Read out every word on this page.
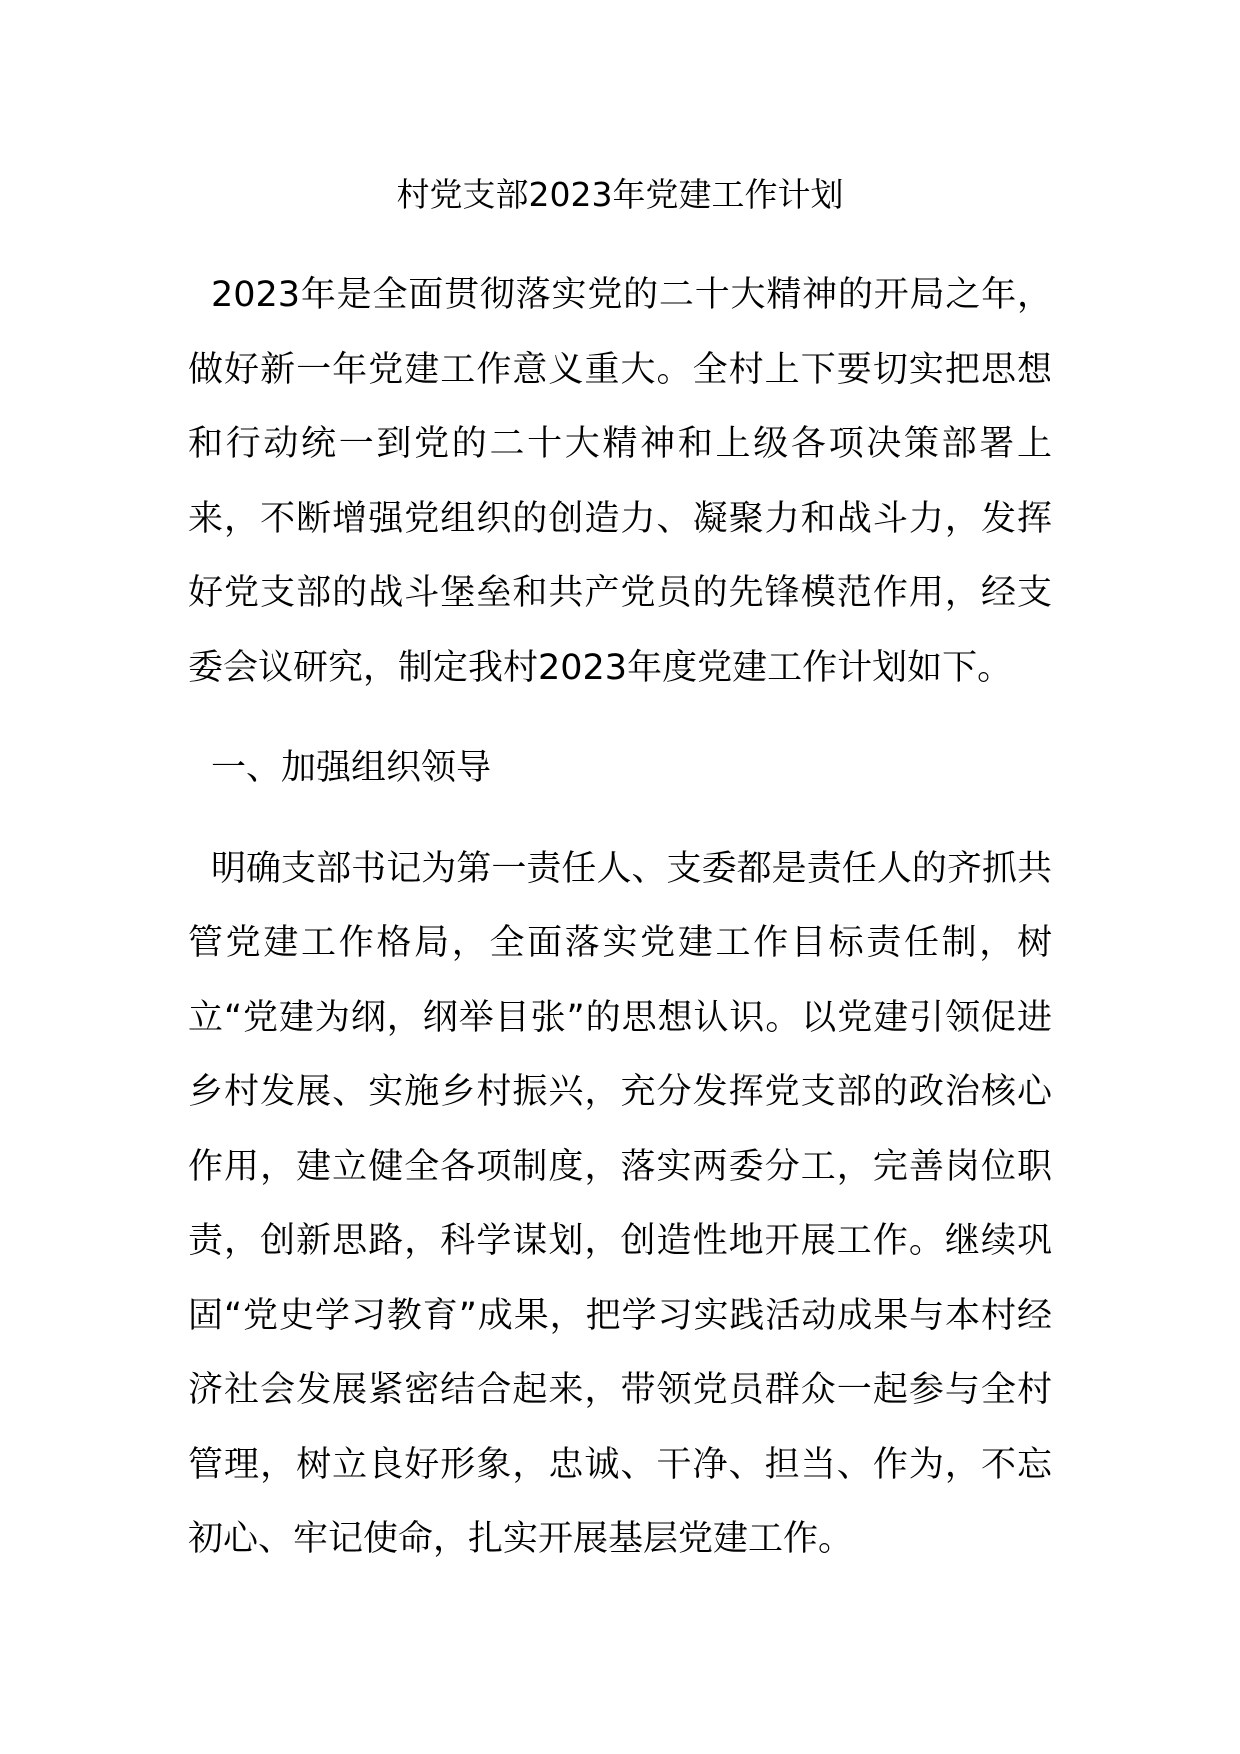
村党支部2023年党建工作计划

2023年是全面贯彻落实党的二十大精神的开局之年，做好新一年党建工作意义重大。全村上下要切实把思想和行动统一到党的二十大精神和上级各项决策部署上来，不断增强党组织的创造力、凝聚力和战斗力，发挥好党支部的战斗堡垒和共产党员的先锋模范作用，经支委会议研究，制定我村2023年度党建工作计划如下。

一、加强组织领导

明确支部书记为第一责任人、支委都是责任人的齐抓共管党建工作格局，全面落实党建工作目标责任制，树立“党建为纲，纲举目张”的思想认识。以党建引领促进乡村发展、实施乡村振兴，充分发挥党支部的政治核心作用，建立健全各项制度，落实两委分工，完善岗位职责，创新思路，科学谋划，创造性地开展工作。继续巩固“党史学习教育”成果，把学习实践活动成果与本村经济社会发展紧密结合起来，带领党员群众一起参与全村管理，树立良好形象，忠诚、干净、担当、作为，不忘初心、牢记使命，扎实开展基层党建工作。
